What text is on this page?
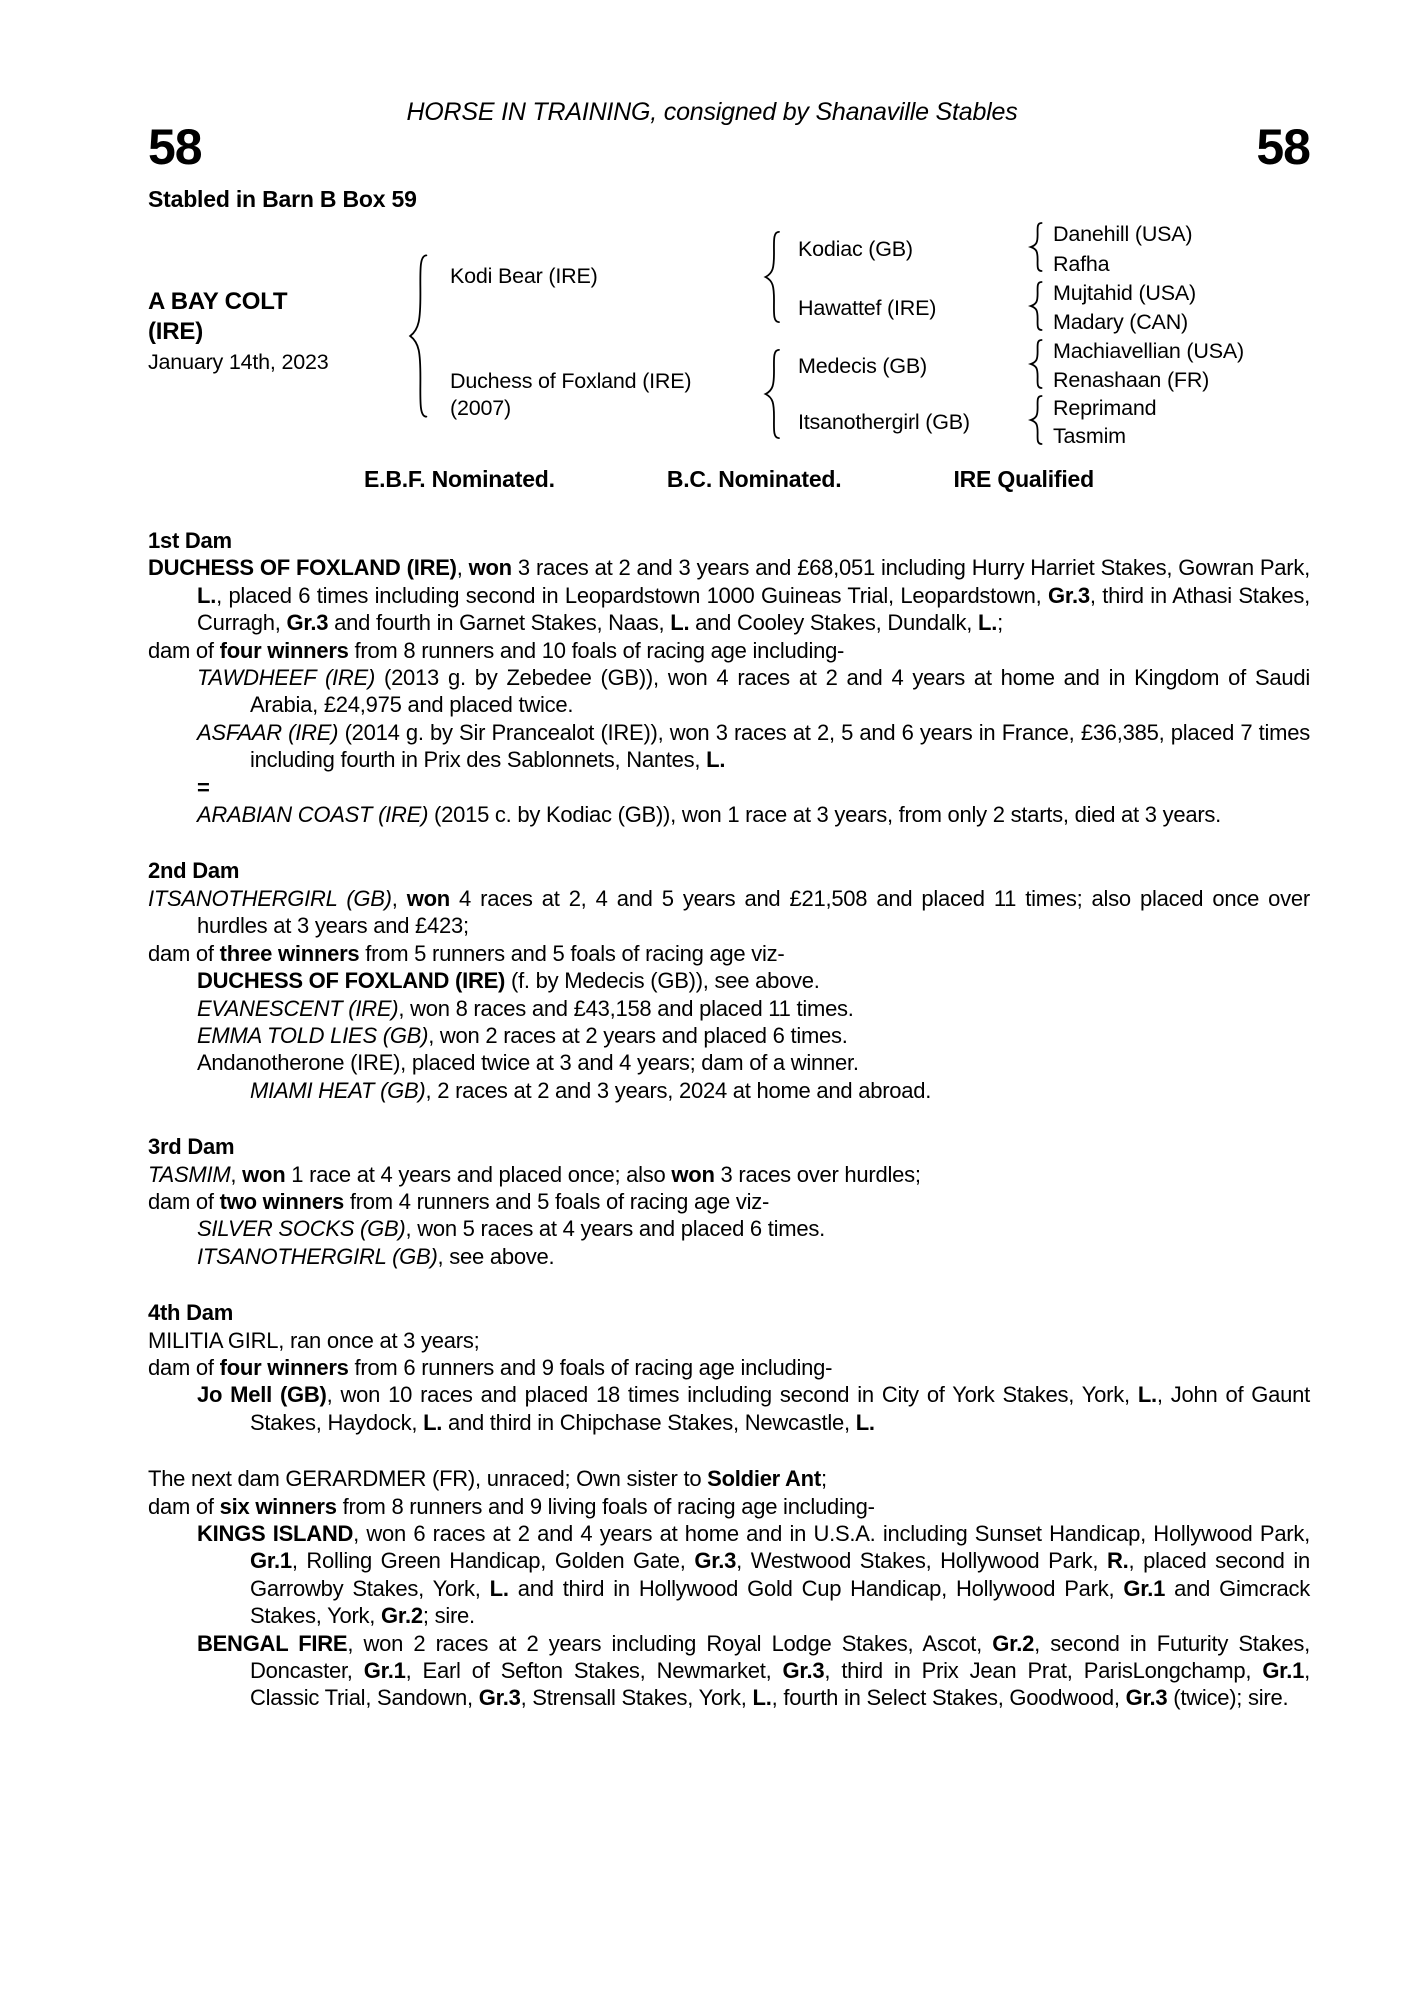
HORSE IN TRAINING, consigned by Shanaville Stables
58	58
Stabled in Barn B Box 59
A BAY COLT
(IRE)
January 14th, 2023
Kodi Bear (IRE)
Duchess of Foxland (IRE)
(2007)
Kodiac (GB)
Hawattef (IRE)
Medecis (GB)
Itsanothergirl (GB)
Danehill (USA)
Rafha
Mujtahid (USA)
Madary (CAN)
Machiavellian (USA)
Renashaan (FR)
Reprimand
Tasmim
E.B.F. Nominated.	B.C. Nominated.	IRE Qualified
1st Dam

DUCHESS OF FOXLAND (IRE), won 3 races at 2 and 3 years and £68,051 including Hurry Harriet Stakes, Gowran Park, L., placed 6 times including second in Leopardstown 1000 Guineas Trial, Leopardstown, Gr.3, third in Athasi Stakes, Curragh, Gr.3 and fourth in Garnet Stakes, Naas, L. and Cooley Stakes, Dundalk, L.;

dam of four winners from 8 runners and 10 foals of racing age including-

TAWDHEEF (IRE) (2013 g. by Zebedee (GB)), won 4 races at 2 and 4 years at home and in Kingdom of Saudi Arabia, £24,975 and placed twice.

ASFAAR (IRE) (2014 g. by Sir Prancealot (IRE)), won 3 races at 2, 5 and 6 years in France, £36,385, placed 7 times including fourth in Prix des Sablonnets, Nantes, L.

=

ARABIAN COAST (IRE) (2015 c. by Kodiac (GB)), won 1 race at 3 years, from only 2 starts, died at 3 years.

2nd Dam

ITSANOTHERGIRL (GB), won 4 races at 2, 4 and 5 years and £21,508 and placed 11 times; also placed once over hurdles at 3 years and £423;

dam of three winners from 5 runners and 5 foals of racing age viz-

DUCHESS OF FOXLAND (IRE) (f. by Medecis (GB)), see above.

EVANESCENT (IRE), won 8 races and £43,158 and placed 11 times.

EMMA TOLD LIES (GB), won 2 races at 2 years and placed 6 times.

Andanotherone (IRE), placed twice at 3 and 4 years; dam of a winner.

MIAMI HEAT (GB), 2 races at 2 and 3 years, 2024 at home and abroad.

3rd Dam

TASMIM, won 1 race at 4 years and placed once; also won 3 races over hurdles;

dam of two winners from 4 runners and 5 foals of racing age viz-

SILVER SOCKS (GB), won 5 races at 4 years and placed 6 times.

ITSANOTHERGIRL (GB), see above.

4th Dam

MILITIA GIRL, ran once at 3 years;

dam of four winners from 6 runners and 9 foals of racing age including-

Jo Mell (GB), won 10 races and placed 18 times including second in City of York Stakes, York, L., John of Gaunt Stakes, Haydock, L. and third in Chipchase Stakes, Newcastle, L.

The next dam GERARDMER (FR), unraced; Own sister to Soldier Ant;

dam of six winners from 8 runners and 9 living foals of racing age including-

KINGS ISLAND, won 6 races at 2 and 4 years at home and in U.S.A. including Sunset Handicap, Hollywood Park, Gr.1, Rolling Green Handicap, Golden Gate, Gr.3, Westwood Stakes, Hollywood Park, R., placed second in Garrowby Stakes, York, L. and third in Hollywood Gold Cup Handicap, Hollywood Park, Gr.1 and Gimcrack Stakes, York, Gr.2; sire.

BENGAL FIRE, won 2 races at 2 years including Royal Lodge Stakes, Ascot, Gr.2, second in Futurity Stakes, Doncaster, Gr.1, Earl of Sefton Stakes, Newmarket, Gr.3, third in Prix Jean Prat, ParisLongchamp, Gr.1, Classic Trial, Sandown, Gr.3, Strensall Stakes, York, L., fourth in Select Stakes, Goodwood, Gr.3 (twice); sire.
